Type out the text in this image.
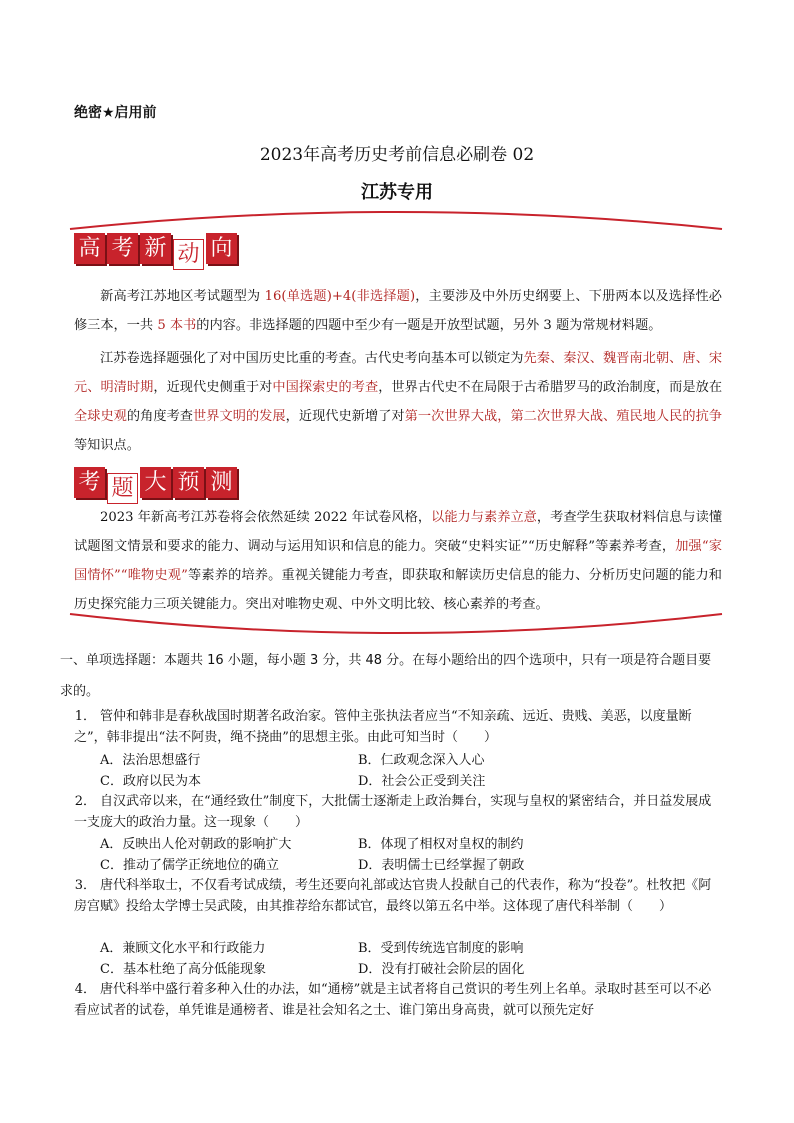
绝密★启用前
2023年高考历史考前信息必刷卷 02
江苏专用
高 考 新 动 向
新高考江苏地区考试题型为 16(单选题)+4(非选择题)，主要涉及中外历史纲要上、下册两本以及选择性必修三本，一共 5 本书的内容。非选择题的四题中至少有一题是开放型试题，另外 3 题为常规材料题。
江苏卷选择题强化了对中国历史比重的考查。古代史考向基本可以锁定为先秦、秦汉、魏晋南北朝、唐、宋元、明清时期，近现代史侧重于对中国探索史的考查，世界古代史不在局限于古希腊罗马的政治制度，而是放在全球史观的角度考查世界文明的发展，近现代史新增了对第一次世界大战，第二次世界大战、殖民地人民的抗争等知识点。
考 题 大 预 测
2023 年新高考江苏卷将会依然延续 2022 年试卷风格，以能力与素养立意，考查学生获取材料信息与读懂试题图文情景和要求的能力、调动与运用知识和信息的能力。突破“史料实证”“历史解释”等素养考查，加强“家国情怀”“唯物史观”等素养的培养。重视关键能力考查，即获取和解读历史信息的能力、分析历史问题的能力和历史探究能力三项关键能力。突出对唯物史观、中外文明比较、核心素养的考查。
一、单项选择题：本题共 16 小题，每小题 3 分，共 48 分。在每小题给出的四个选项中，只有一项是符合题目要求的。
1． 管仲和韩非是春秋战国时期著名政治家。管仲主张执法者应当“不知亲疏、远近、贵贱、美恶，以度量断之”，韩非提出“法不阿贵，绳不挠曲”的思想主张。由此可知当时（　　）
A．法治思想盛行	B．仁政观念深入人心
C．政府以民为本	D．社会公正受到关注
2． 自汉武帝以来，在“通经致仕”制度下，大批儒士逐渐走上政治舞台，实现与皇权的紧密结合，并日益发展成一支庞大的政治力量。这一现象（　　）
A．反映出人伦对朝政的影响扩大	B．体现了相权对皇权的制约
C．推动了儒学正统地位的确立	D．表明儒士已经掌握了朝政
3． 唐代科举取士，不仅看考试成绩，考生还要向礼部或达官贵人投献自己的代表作，称为“投卷”。杜牧把《阿房宫赋》投给太学博士吴武陵，由其推荐给东都试官，最终以第五名中举。这体现了唐代科举制（　　）
A．兼顾文化水平和行政能力	B．受到传统选官制度的影响
C．基本杜绝了高分低能现象	D．没有打破社会阶层的固化
4． 唐代科举中盛行着多种入仕的办法，如“通榜”就是主试者将自己赏识的考生列上名单。录取时甚至可以不必看应试者的试卷，单凭谁是通榜者、谁是社会知名之士、谁门第出身高贵，就可以预先定好
